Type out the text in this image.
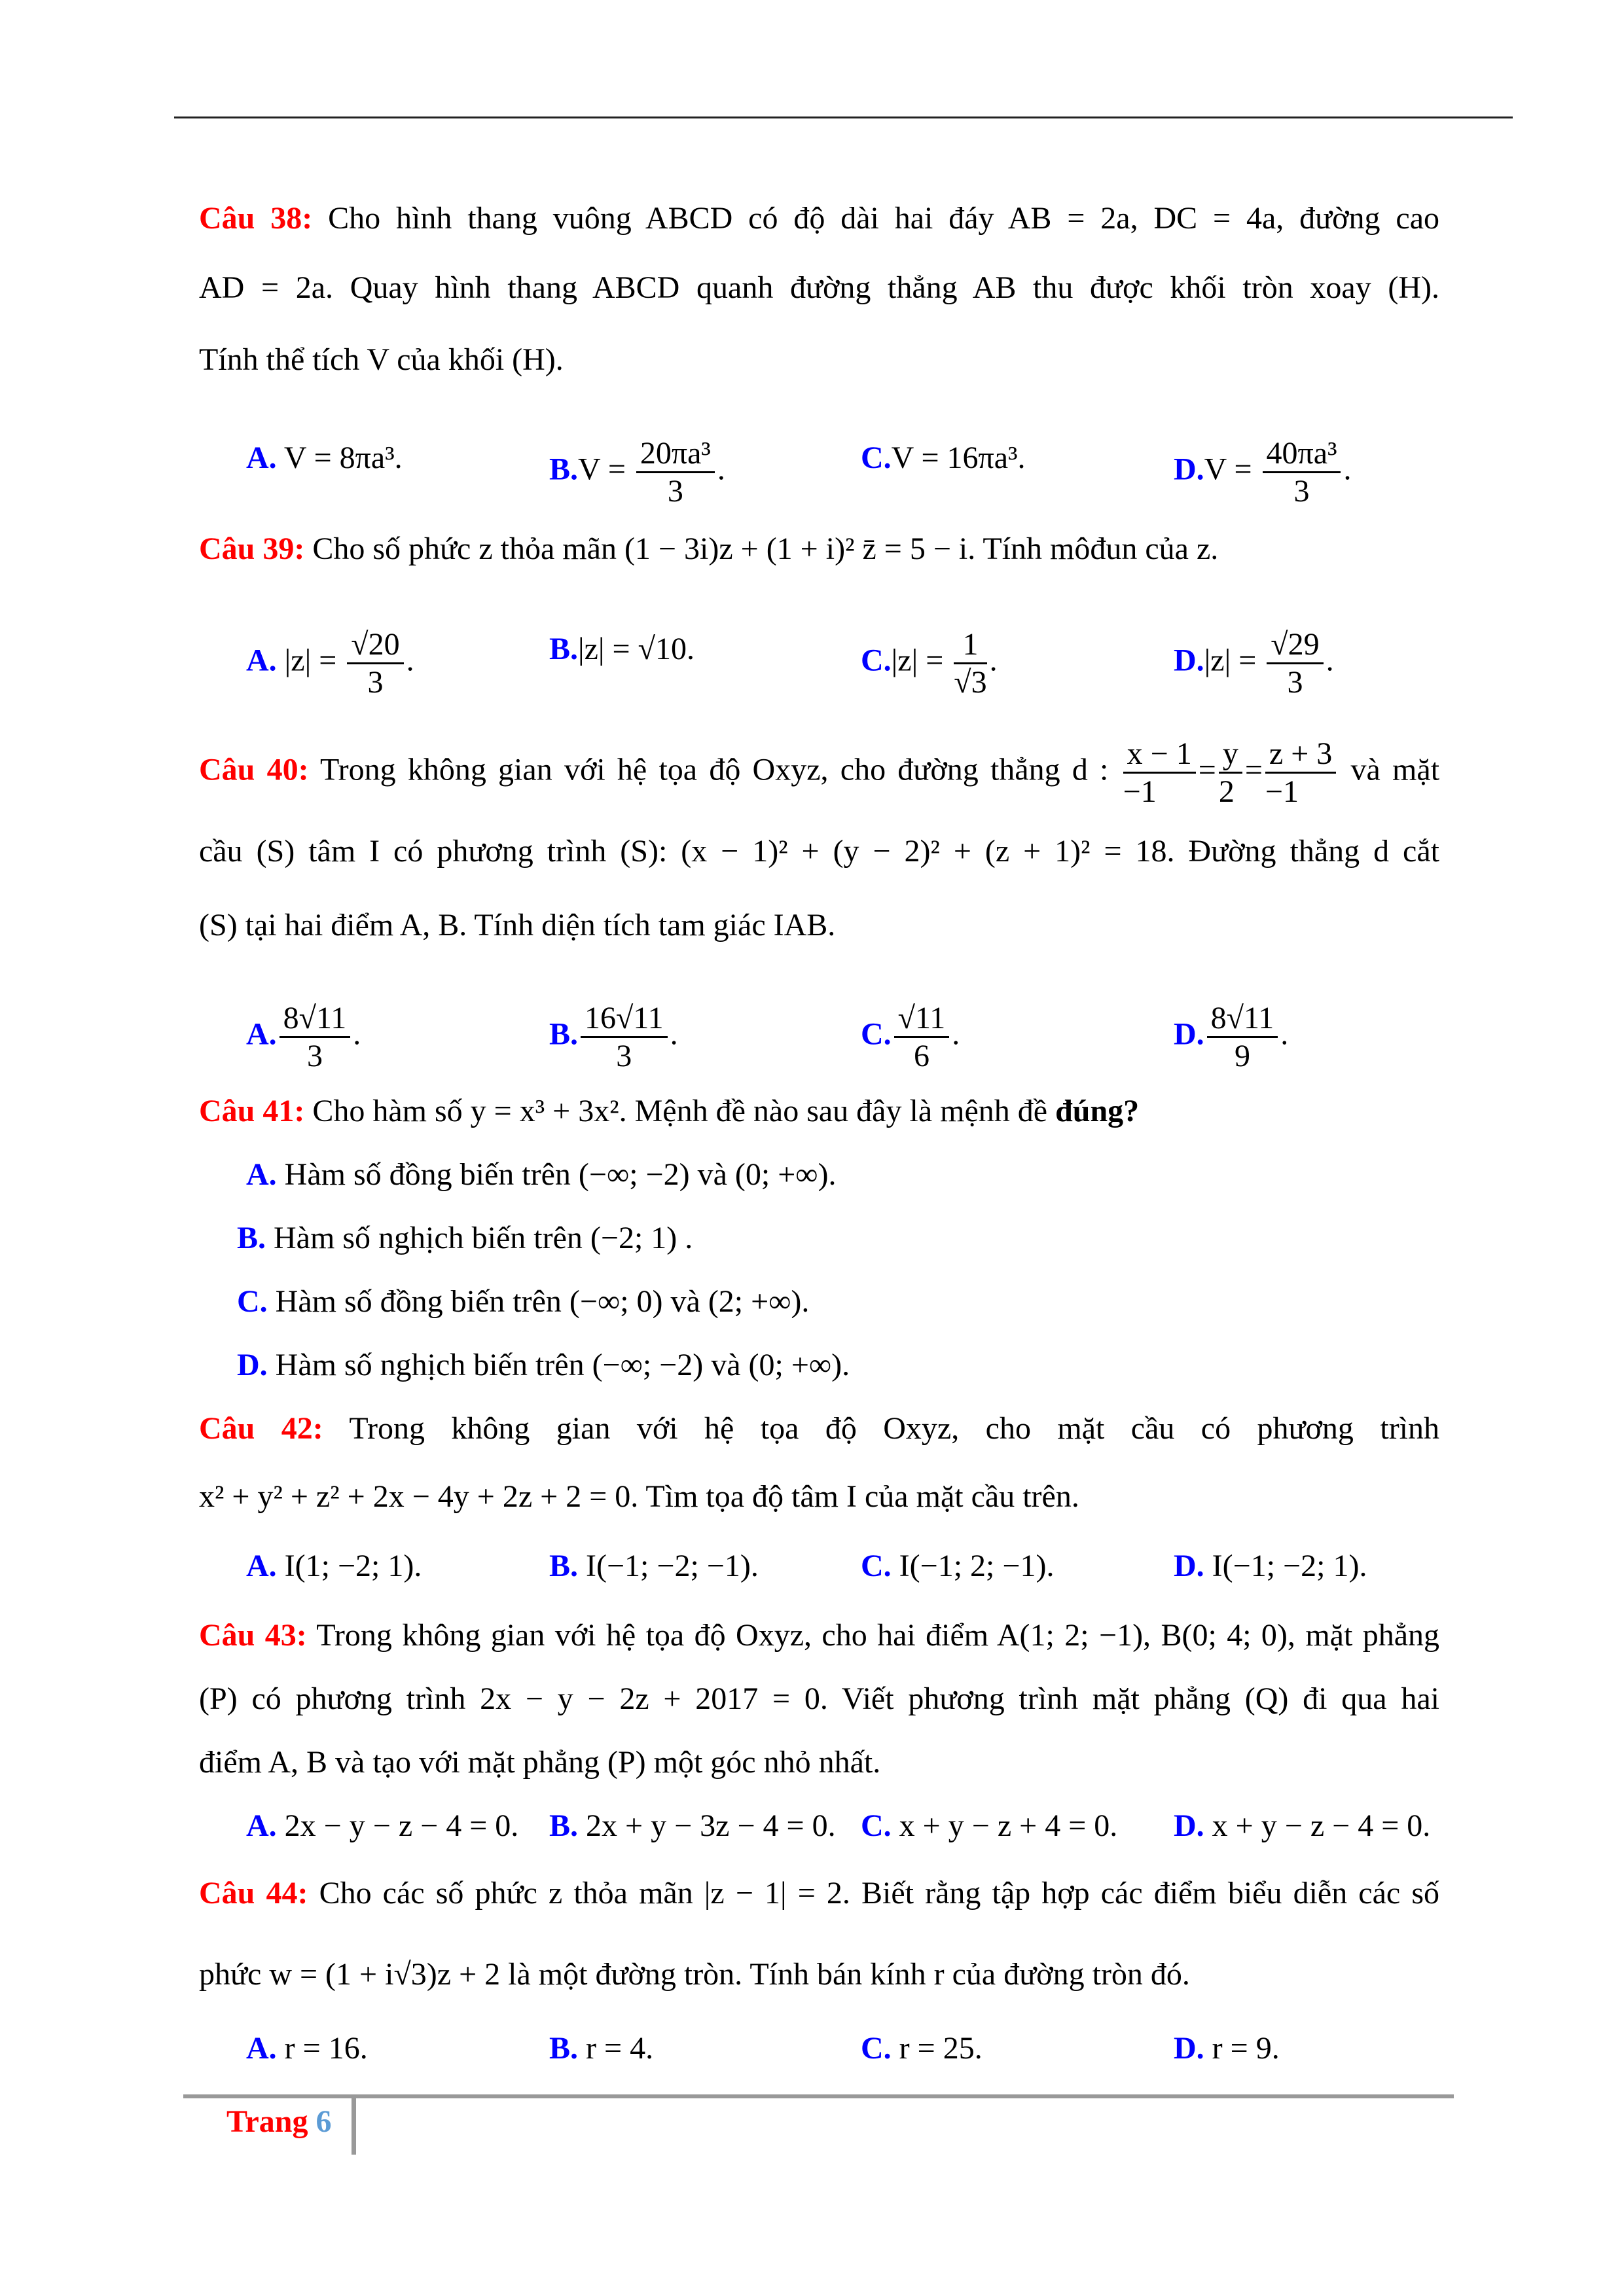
Câu 38: Cho hình thang vuông ABCD có độ dài hai đáy AB = 2a, DC = 4a, đường cao
AD = 2a. Quay hình thang ABCD quanh đường thẳng AB thu được khối tròn xoay (H).
Tính thể tích V của khối (H).
A. V = 8πa³.	$B.V = \frac{\text{20πa³}}{3}$ .	C.V = 16πa³.	$D.V = \frac{\text{40πa³}}{3}$ .
Câu 39: Cho số phức z thỏa mãn (1 − 3i)z + (1 + i)² z̄ = 5 − i. Tính môđun của z.
A. $|z| = \frac{√20}{3}$ .	B.|z| = √10.	$C.|z| = \frac{1}{√3}$ .	$D.|z| = \frac{√29}{3}$ .
Câu 40: Trong không gian với hệ tọa độ Oxyz, cho đường thẳng d : $\frac{x - 1}{-1} = \frac{y}{2} = \frac{z + 3}{-1}$ và mặt
cầu (S) tâm I có phương trình (S): (x − 1)² + (y − 2)² + (z + 1)² = 18. Đường thẳng d cắt
(S) tại hai điểm A, B. Tính diện tích tam giác IAB.
A. $\frac{8√11}{3}$ .	B. $\frac{16√11}{3}$ .	C. $\frac{√11}{6}$ .	D. $\frac{8√11}{9}$ .
Câu 41: Cho hàm số y = x³ + 3x². Mệnh đề nào sau đây là mệnh đề đúng?
A. Hàm số đồng biến trên (−∞; −2) và (0; +∞).
B. Hàm số nghịch biến trên (−2; 1) .
C. Hàm số đồng biến trên (−∞; 0) và (2; +∞).
D. Hàm số nghịch biến trên (−∞; −2) và (0; +∞).
Câu 42: Trong không gian với hệ tọa độ Oxyz, cho mặt cầu có phương trình
x² + y² + z² + 2x − 4y + 2z + 2 = 0. Tìm tọa độ tâm I của mặt cầu trên.
A. I(1; −2; 1).	B. I(−1; −2; −1).	C. I(−1; 2; −1).	D. I(−1; −2; 1).
Câu 43: Trong không gian với hệ tọa độ Oxyz, cho hai điểm A(1; 2; −1), B(0; 4; 0), mặt phẳng
(P) có phương trình 2x − y − 2z + 2017 = 0. Viết phương trình mặt phẳng (Q) đi qua hai
điểm A, B và tạo với mặt phẳng (P) một góc nhỏ nhất.
A. 2x − y − z − 4 = 0. B. 2x + y − 3z − 4 = 0. C. x + y − z + 4 = 0. D. x + y − z − 4 = 0.
Câu 44: Cho các số phức z thỏa mãn |z − 1| = 2. Biết rằng tập hợp các điểm biểu diễn các số
phức w = (1 + i√3)z + 2 là một đường tròn. Tính bán kính r của đường tròn đó.
A. r = 16.	B. r = 4.	C. r = 25.	D. r = 9.
Trang 6
